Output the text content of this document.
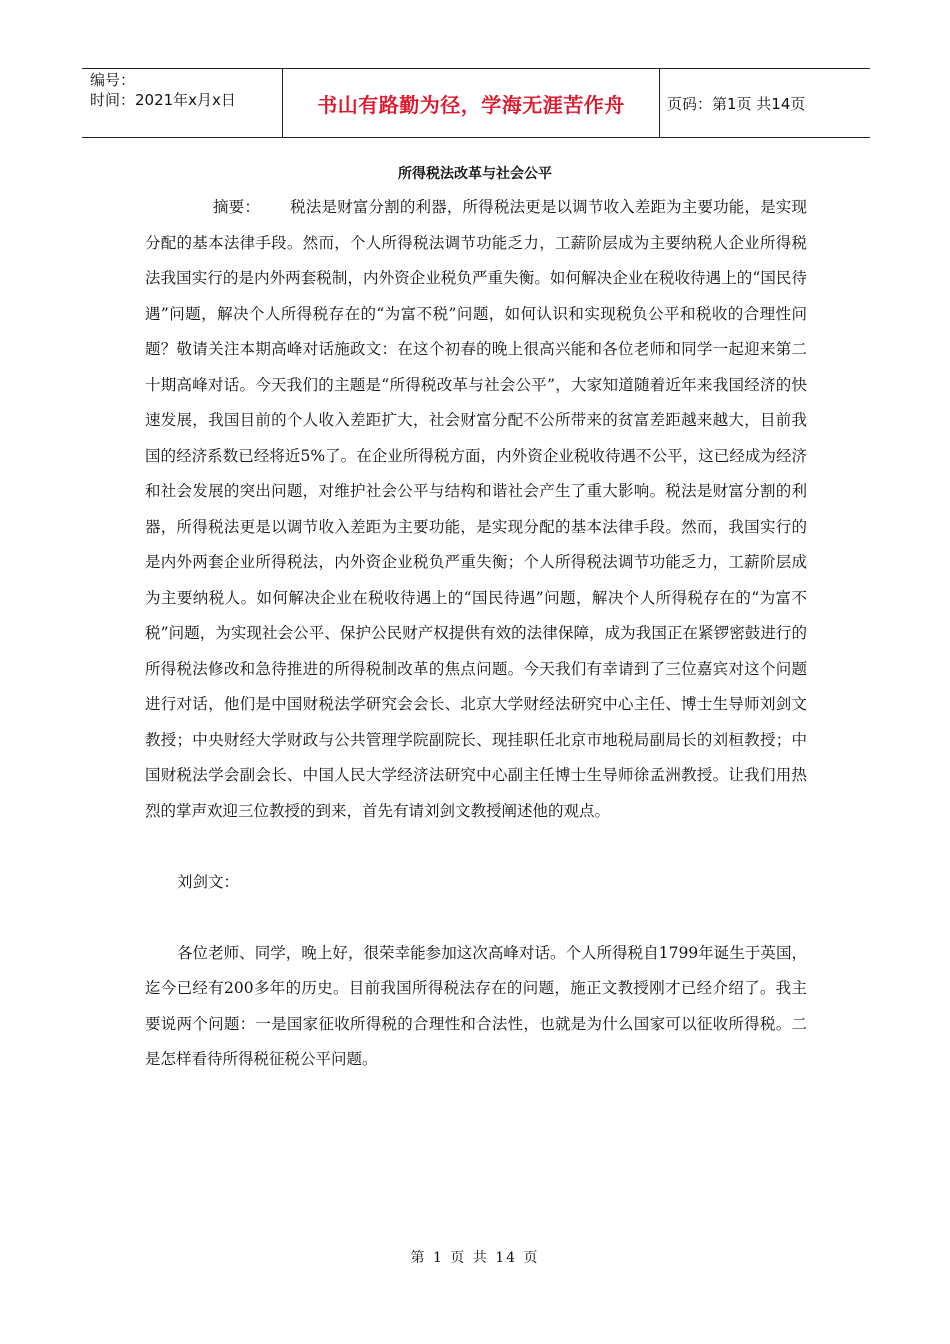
编号：
时间：2021年x月x日	书山有路勤为径，学海无涯苦作舟	页码：第1页 共14页
所得税法改革与社会公平

摘要： 税法是财富分割的利器，所得税法更是以调节收入差距为主要功能，是实现分配的基本法律手段。然而，个人所得税法调节功能乏力，工薪阶层成为主要纳税人企业所得税法我国实行的是内外两套税制，内外资企业税负严重失衡。如何解决企业在税收待遇上的“国民待遇”问题，解决个人所得税存在的“为富不税”问题，如何认识和实现税负公平和税收的合理性问题？敬请关注本期高峰对话施政文：在这个初春的晚上很高兴能和各位老师和同学一起迎来第二十期高峰对话。今天我们的主题是“所得税改革与社会公平”，大家知道随着近年来我国经济的快速发展，我国目前的个人收入差距扩大，社会财富分配不公所带来的贫富差距越来越大，目前我国的经济系数已经将近5%了。在企业所得税方面，内外资企业税收待遇不公平，这已经成为经济和社会发展的突出问题，对维护社会公平与结构和谐社会产生了重大影响。税法是财富分割的利器，所得税法更是以调节收入差距为主要功能，是实现分配的基本法律手段。然而，我国实行的是内外两套企业所得税法，内外资企业税负严重失衡；个人所得税法调节功能乏力，工薪阶层成为主要纳税人。如何解决企业在税收待遇上的“国民待遇”问题，解决个人所得税存在的“为富不税”问题，为实现社会公平、保护公民财产权提供有效的法律保障，成为我国正在紧锣密鼓进行的所得税法修改和急待推进的所得税制改革的焦点问题。今天我们有幸请到了三位嘉宾对这个问题进行对话，他们是中国财税法学研究会会长、北京大学财经法研究中心主任、博士生导师刘剑文教授；中央财经大学财政与公共管理学院副院长、现挂职任北京市地税局副局长的刘桓教授；中国财税法学会副会长、中国人民大学经济法研究中心副主任博士生导师徐孟洲教授。让我们用热烈的掌声欢迎三位教授的到来，首先有请刘剑文教授阐述他的观点。

刘剑文：

各位老师、同学，晚上好，很荣幸能参加这次高峰对话。个人所得税自1799年诞生于英国，迄今已经有200多年的历史。目前我国所得税法存在的问题，施正文教授刚才已经介绍了。我主要说两个问题：一是国家征收所得税的合理性和合法性，也就是为什么国家可以征收所得税。二是怎样看待所得税征税公平问题。

第 1 页 共 14 页
